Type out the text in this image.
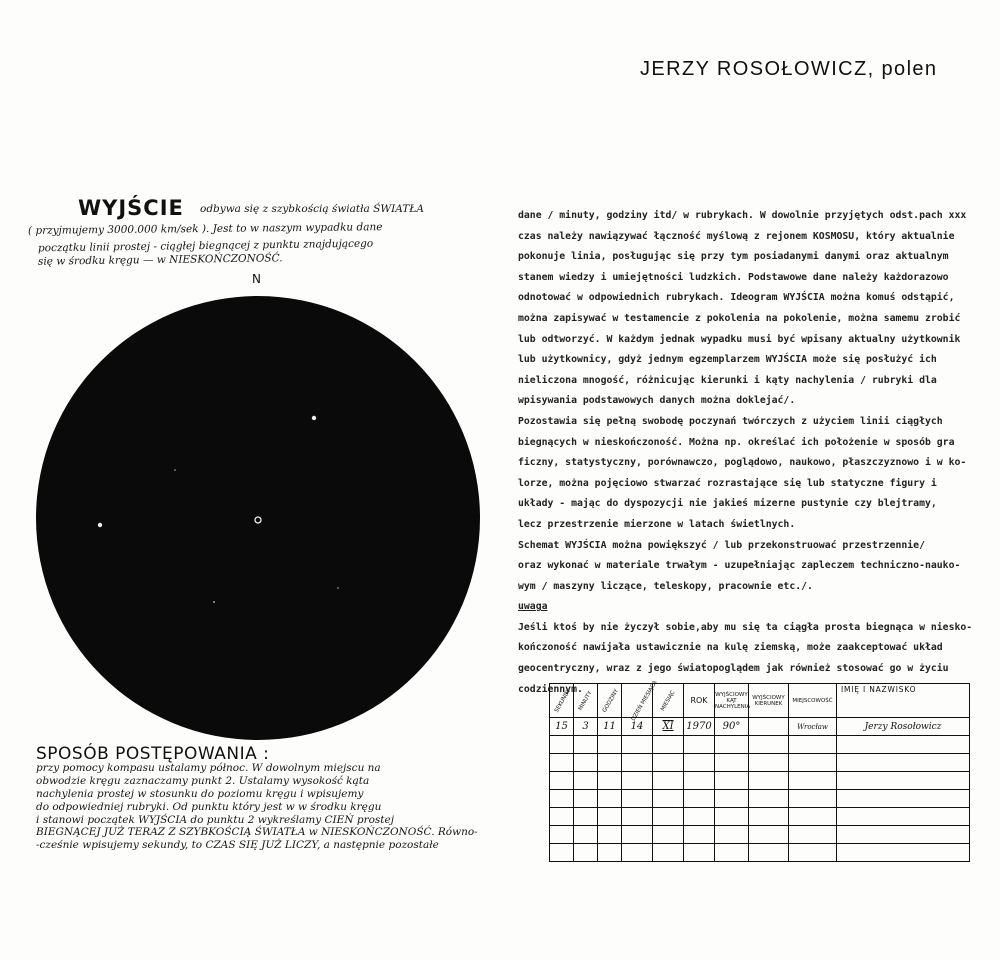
JERZY ROSOŁOWICZ, polen
WYJŚCIE odbywa się z szybkością światła ŚWIATŁA
( przyjmujemy 3000.000 km/sek ). Jest to w naszym wypadku dane
początku linii prostej - ciągłej biegnącej z punktu znajdującego
się w środku kręgu — w NIESKOŃCZONOŚĆ.
N
SPOSÓB POSTĘPOWANIA :
przy pomocy kompasu ustalamy północ. W dowolnym miejscu na
obwodzie kręgu zaznaczamy punkt 2. Ustalamy wysokość kąta
nachylenia prostej w stosunku do poziomu kręgu i wpisujemy
do odpowiedniej rubryki. Od punktu który jest w w środku kręgu
i stanowi początek WYJŚCIA do punktu 2 wykreślamy CIEŃ prostej
BIEGNĄCEJ JUŻ TERAZ Z SZYBKOŚCIĄ ŚWIATŁA w NIESKOŃCZONOŚĆ. Równo-
-cześnie wpisujemy sekundy, to CZAS SIĘ JUŻ LICZY, a następnie pozostałe

dane / minuty, godziny itd/ w rubrykach. W dowolnie przyjętych odst.pach xxx

czas należy nawiązywać łączność myślową z rejonem KOSMOSU, który aktualnie

pokonuje linia, posługując się przy tym posiadanymi danymi oraz aktualnym

stanem wiedzy i umiejętności ludzkich. Podstawowe dane należy każdorazowo

odnotować w odpowiednich rubrykach. Ideogram WYJŚCIA można komuś odstąpić,

można zapisywać w testamencie z pokolenia na pokolenie, można samemu zrobić

lub odtworzyć. W każdym jednak wypadku musi być wpisany aktualny użytkownik

lub użytkownicy, gdyż jednym egzemplarzem WYJŚCIA może się posłużyć ich

nieliczona mnogość, różnicując kierunki i kąty nachylenia / rubryki dla

wpisywania podstawowych danych można doklejać/.

Pozostawia się pełną swobodę poczynań twórczych z użyciem linii ciągłych

biegnących w nieskończoność. Można np. określać ich położenie w sposób gra

ficzny, statystyczny, porównawczo, poglądowo, naukowo, płaszczyznowo i w ko-

lorze, można pojęciowo stwarzać rozrastające się lub statyczne figury i

układy - mając do dyspozycji nie jakieś mizerne pustynie czy blejtramy,

lecz przestrzenie mierzone w latach świetlnych.

Schemat WYJŚCIA można powiększyć / lub przekonstruować przestrzennie/

oraz wykonać w materiale trwałym - uzupełniając zapleczem techniczno-nauko-

wym / maszyny liczące, teleskopy, pracownie etc./.

uwaga

Jeśli ktoś by nie życzył sobie,aby mu się ta ciągła prosta biegnąca w niesko-

kończoność nawijała ustawicznie na kulę ziemską, może zaakceptować układ

geocentryczny, wraz z jego światopoglądem jak również stosować go w życiu

codziennym.

SEKUNDY	MINUTY	GODZINY	DZIEŃ MIESIĄCA	MIESIĄC	ROK	WYJŚCIOWY KĄT NACHYLENIA	WYJŚCIOWY KIERUNEK	MIEJSCOWOŚĆ	IMIĘ I NAZWISKO
15	3	11	14	XI	1970	90°		Wrocław	Jerzy Rosołowicz
